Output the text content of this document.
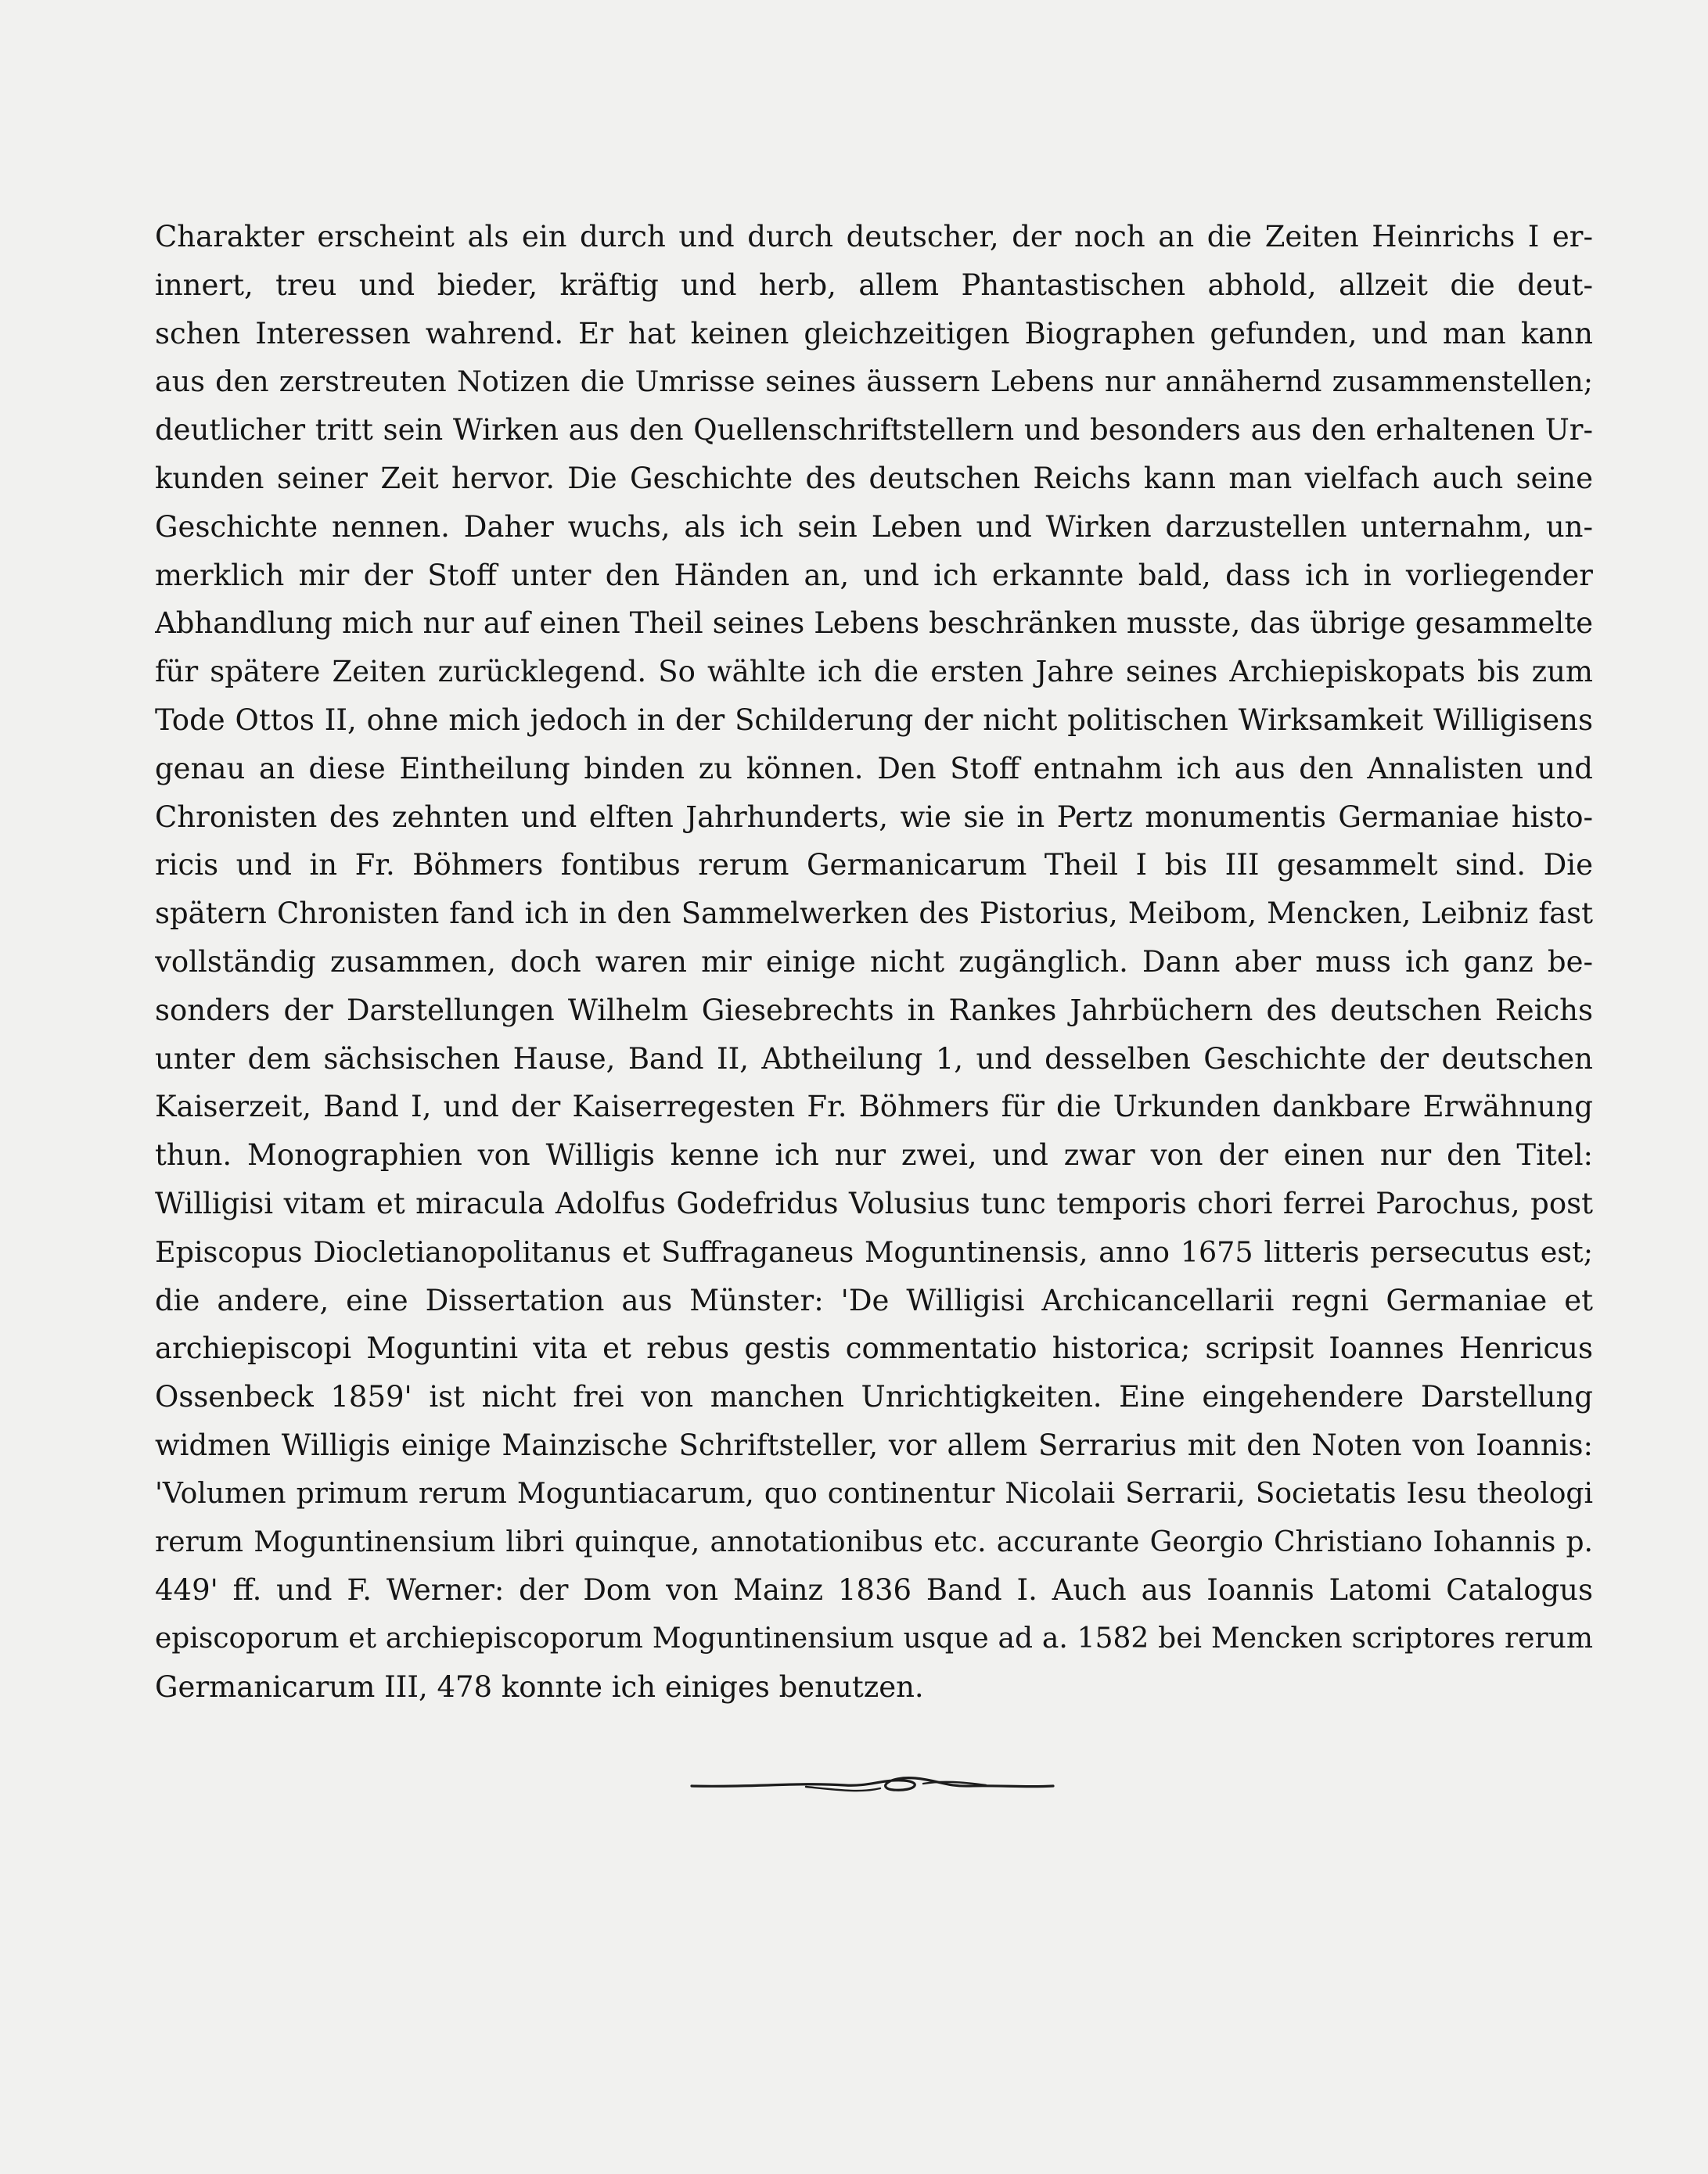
Charakter erscheint als ein durch und durch deutscher, der noch an die Zeiten Heinrichs I er-
innert, treu und bieder, kräftig und herb, allem Phantastischen abhold, allzeit die deut-
schen Interessen wahrend. Er hat keinen gleichzeitigen Biographen gefunden, und man kann
aus den zerstreuten Notizen die Umrisse seines äussern Lebens nur annähernd zusammenstellen;
deutlicher tritt sein Wirken aus den Quellenschriftstellern und besonders aus den erhaltenen Ur-
kunden seiner Zeit hervor. Die Geschichte des deutschen Reichs kann man vielfach auch seine
Geschichte nennen. Daher wuchs, als ich sein Leben und Wirken darzustellen unternahm, un-
merklich mir der Stoff unter den Händen an, und ich erkannte bald, dass ich in vorliegender
Abhandlung mich nur auf einen Theil seines Lebens beschränken musste, das übrige gesammelte
für spätere Zeiten zurücklegend. So wählte ich die ersten Jahre seines Archiepiskopats bis zum
Tode Ottos II, ohne mich jedoch in der Schilderung der nicht politischen Wirksamkeit Willigisens
genau an diese Eintheilung binden zu können. Den Stoff entnahm ich aus den Annalisten und
Chronisten des zehnten und elften Jahrhunderts, wie sie in Pertz monumentis Germaniae histo-
ricis und in Fr. Böhmers fontibus rerum Germanicarum Theil I bis III gesammelt sind. Die
spätern Chronisten fand ich in den Sammelwerken des Pistorius, Meibom, Mencken, Leibniz fast
vollständig zusammen, doch waren mir einige nicht zugänglich. Dann aber muss ich ganz be-
sonders der Darstellungen Wilhelm Giesebrechts in Rankes Jahrbüchern des deutschen Reichs
unter dem sächsischen Hause, Band II, Abtheilung 1, und desselben Geschichte der deutschen
Kaiserzeit, Band I, und der Kaiserregesten Fr. Böhmers für die Urkunden dankbare Erwähnung
thun. Monographien von Willigis kenne ich nur zwei, und zwar von der einen nur den Titel:
Willigisi vitam et miracula Adolfus Godefridus Volusius tunc temporis chori ferrei Parochus, post
Episcopus Diocletianopolitanus et Suffraganeus Moguntinensis, anno 1675 litteris persecutus est;
die andere, eine Dissertation aus Münster: 'De Willigisi Archicancellarii regni Germaniae et
archiepiscopi Moguntini vita et rebus gestis commentatio historica; scripsit Ioannes Henricus
Ossenbeck 1859' ist nicht frei von manchen Unrichtigkeiten. Eine eingehendere Darstellung
widmen Willigis einige Mainzische Schriftsteller, vor allem Serrarius mit den Noten von Ioannis:
'Volumen primum rerum Moguntiacarum, quo continentur Nicolaii Serrarii, Societatis Iesu theologi
rerum Moguntinensium libri quinque, annotationibus etc. accurante Georgio Christiano Iohannis p.
449' ff. und F. Werner: der Dom von Mainz 1836 Band I. Auch aus Ioannis Latomi Catalogus
episcoporum et archiepiscoporum Moguntinensium usque ad a. 1582 bei Mencken scriptores rerum
Germanicarum III, 478 konnte ich einiges benutzen.
